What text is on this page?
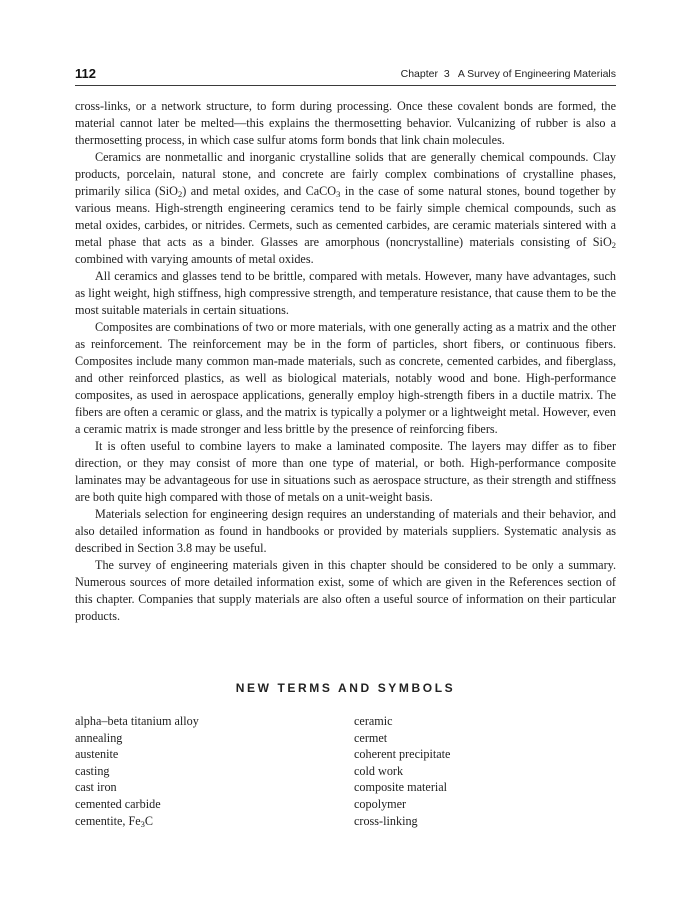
112	Chapter  3   A Survey of Engineering Materials

cross-links, or a network structure, to form during processing. Once these covalent bonds are formed, the material cannot later be melted—this explains the thermosetting behavior. Vulcanizing of rubber is also a thermosetting process, in which case sulfur atoms form bonds that link chain molecules.

Ceramics are nonmetallic and inorganic crystalline solids that are generally chemical compounds. Clay products, porcelain, natural stone, and concrete are fairly complex combinations of crystalline phases, primarily silica (SiO$_2$) and metal oxides, and CaCO$_3$ in the case of some natural stones, bound together by various means. High-strength engineering ceramics tend to be fairly simple chemical compounds, such as metal oxides, carbides, or nitrides. Cermets, such as cemented carbides, are ceramic materials sintered with a metal phase that acts as a binder. Glasses are amorphous (noncrystalline) materials consisting of SiO$_2$ combined with varying amounts of metal oxides.

All ceramics and glasses tend to be brittle, compared with metals. However, many have advantages, such as light weight, high stiffness, high compressive strength, and temperature resistance, that cause them to be the most suitable materials in certain situations.

Composites are combinations of two or more materials, with one generally acting as a matrix and the other as reinforcement. The reinforcement may be in the form of particles, short fibers, or continuous fibers. Composites include many common man-made materials, such as concrete, cemented carbides, and fiberglass, and other reinforced plastics, as well as biological materials, notably wood and bone. High-performance composites, as used in aerospace applications, generally employ high-strength fibers in a ductile matrix. The fibers are often a ceramic or glass, and the matrix is typically a polymer or a lightweight metal. However, even a ceramic matrix is made stronger and less brittle by the presence of reinforcing fibers.

It is often useful to combine layers to make a laminated composite. The layers may differ as to fiber direction, or they may consist of more than one type of material, or both. High-performance composite laminates may be advantageous for use in situations such as aerospace structure, as their strength and stiffness are both quite high compared with those of metals on a unit-weight basis.

Materials selection for engineering design requires an understanding of materials and their behavior, and also detailed information as found in handbooks or provided by materials suppliers. Systematic analysis as described in Section 3.8 may be useful.

The survey of engineering materials given in this chapter should be considered to be only a summary. Numerous sources of more detailed information exist, some of which are given in the References section of this chapter. Companies that supply materials are also often a useful source of information on their particular products.

NEW TERMS AND SYMBOLS
alpha–beta titanium alloy
annealing
austenite
casting
cast iron
cemented carbide
cementite, $Fe_3C$
ceramic
cermet
coherent precipitate
cold work
composite material
copolymer
cross-linking
